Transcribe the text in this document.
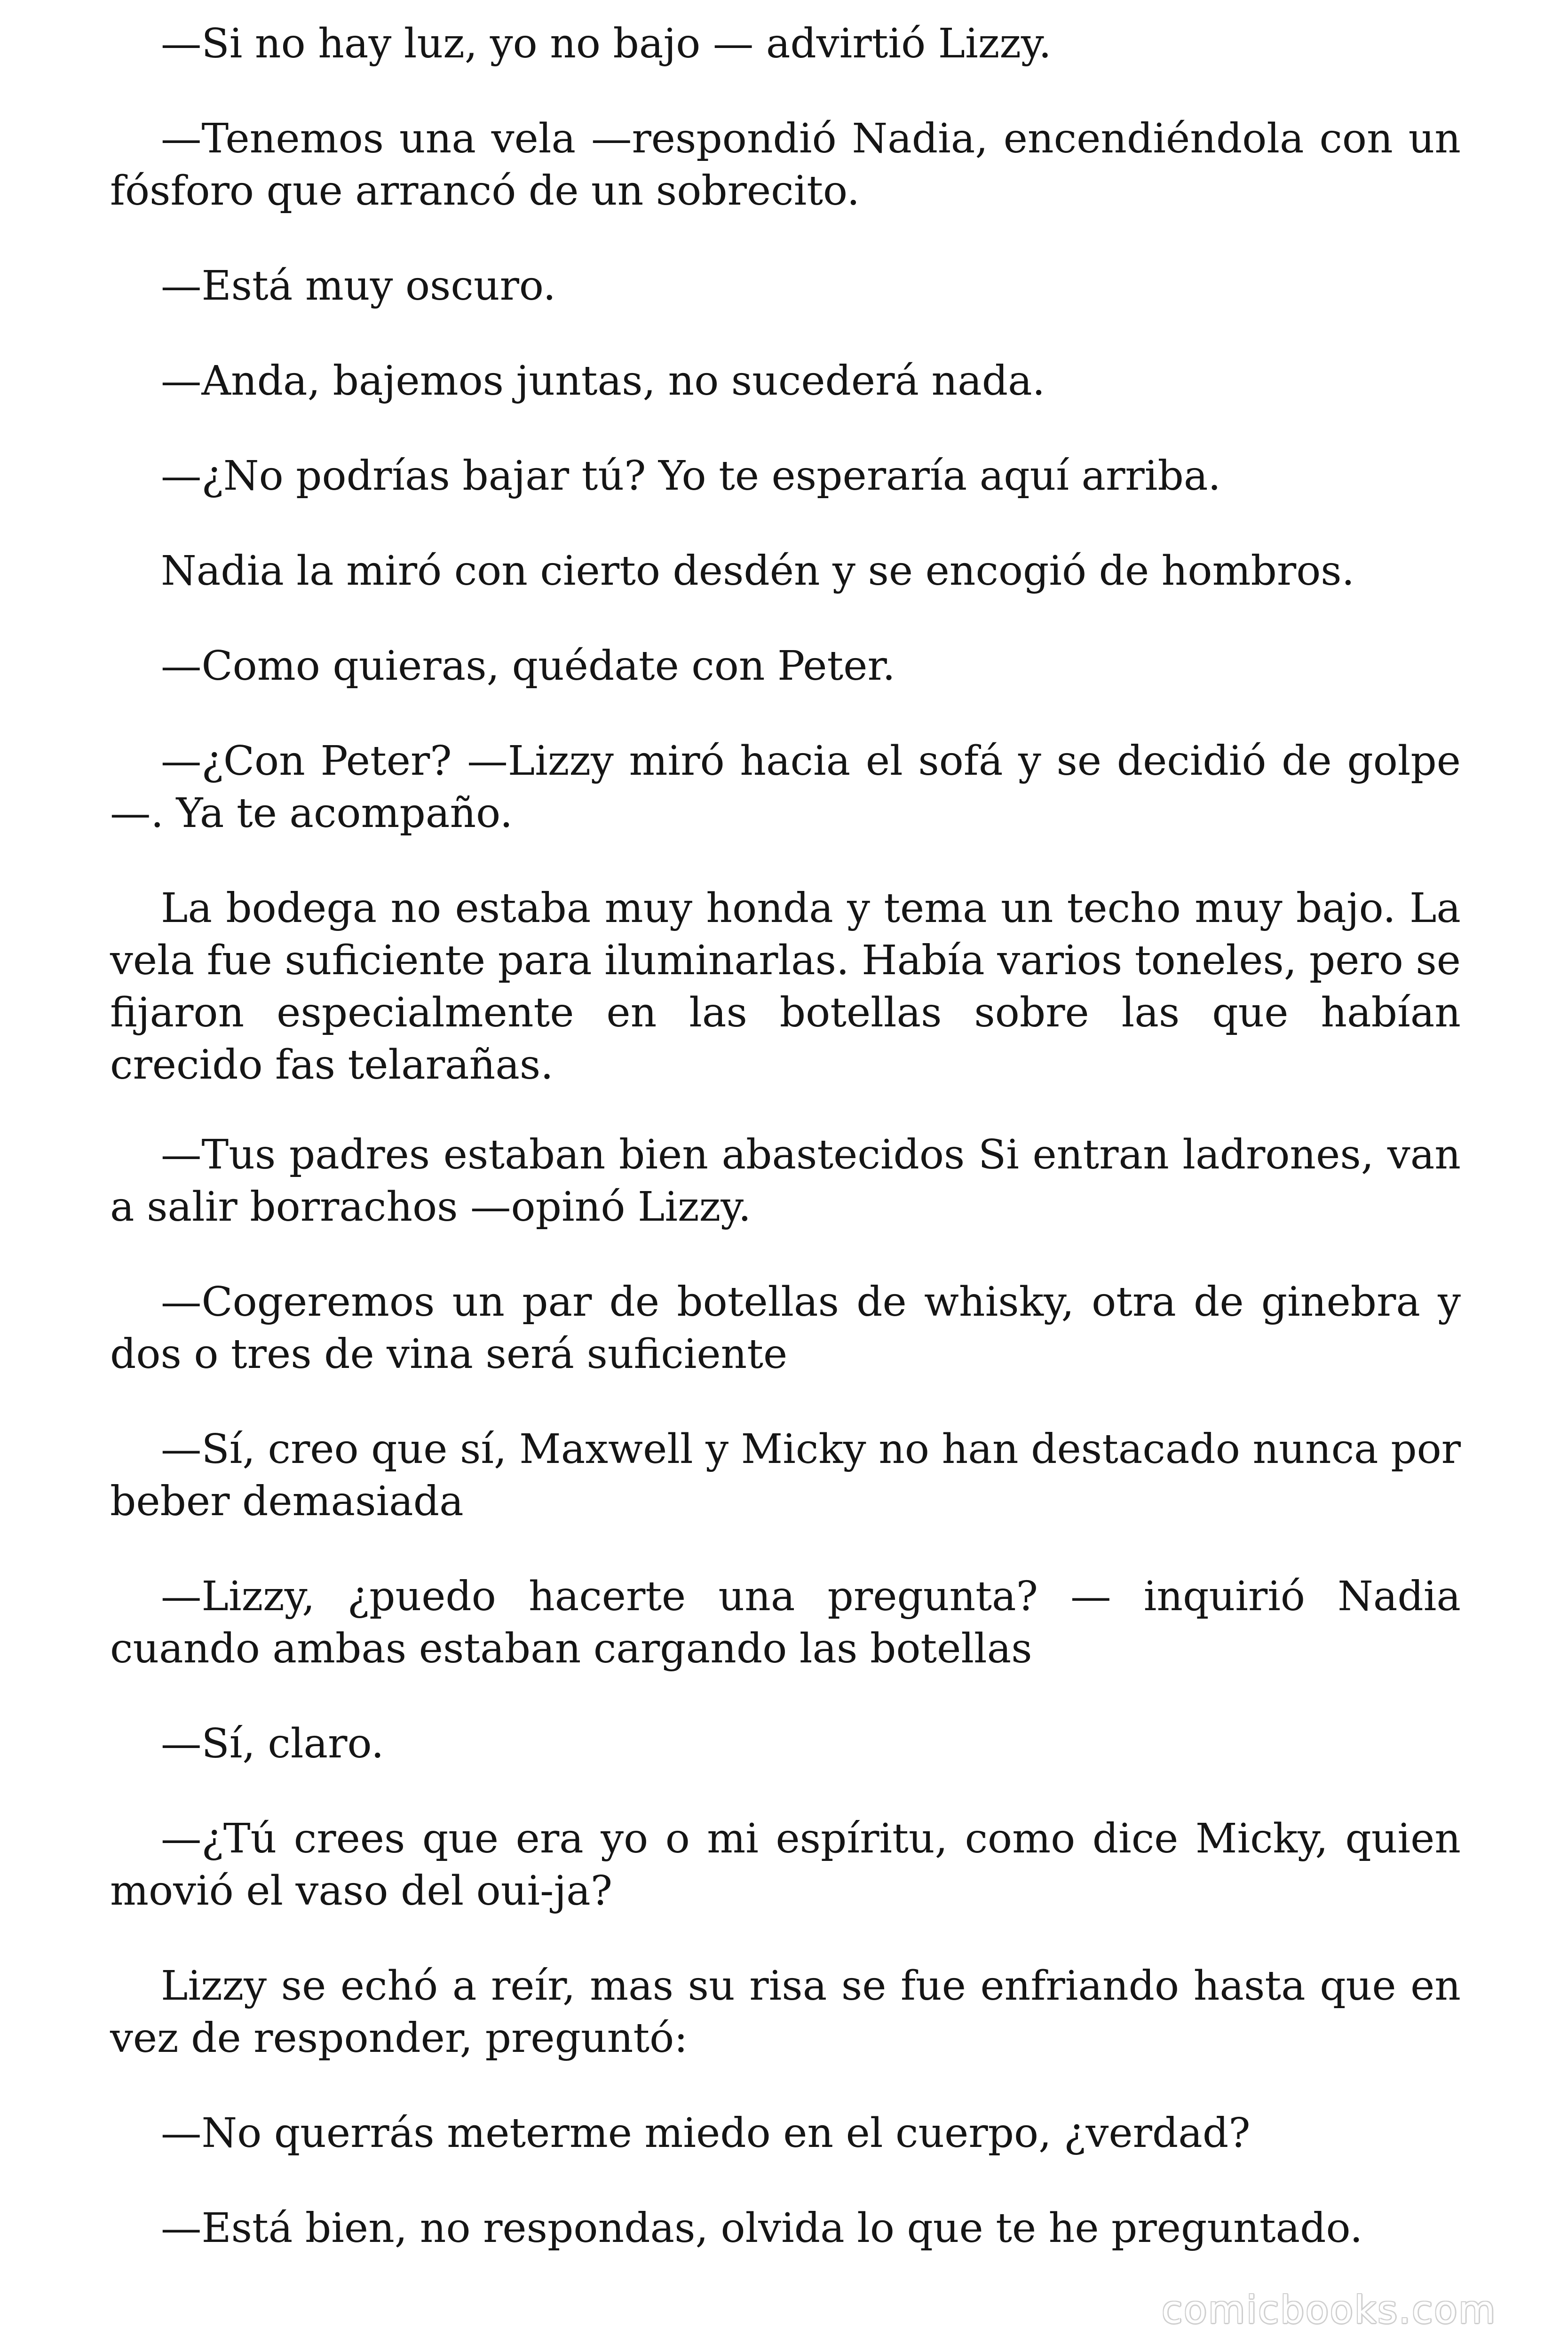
—Si no hay luz, yo no bajo — advirtió Lizzy.

—Tenemos una vela —respondió Nadia, encendiéndola con un fósforo que arrancó de un sobrecito.

—Está muy oscuro.

—Anda, bajemos juntas, no sucederá nada.

—¿No podrías bajar tú? Yo te esperaría aquí arriba.

Nadia la miró con cierto desdén y se encogió de hombros.

—Como quieras, quédate con Peter.

—¿Con Peter? —Lizzy miró hacia el sofá y se decidió de golpe—. Ya te acompaño.

La bodega no estaba muy honda y tema un techo muy bajo. La vela fue suficiente para iluminarlas. Había varios toneles, pero se fijaron especialmente en las botellas sobre las que habían crecido fas telarañas.

—Tus padres estaban bien abastecidos Si entran ladrones, van a salir borrachos —opinó Lizzy.

—Cogeremos un par de botellas de whisky, otra de ginebra y dos o tres de vina será suficiente

—Sí, creo que sí, Maxwell y Micky no han destacado nunca por beber demasiada

—Lizzy, ¿puedo hacerte una pregunta? — inquirió Nadia cuando ambas estaban cargando las botellas

—Sí, claro.

—¿Tú crees que era yo o mi espíritu, como dice Micky, quien movió el vaso del oui-ja?

Lizzy se echó a reír, mas su risa se fue enfriando hasta que en vez de responder, preguntó:

—No querrás meterme miedo en el cuerpo, ¿verdad?

—Está bien, no respondas, olvida lo que te he preguntado.

comicbooks.com
